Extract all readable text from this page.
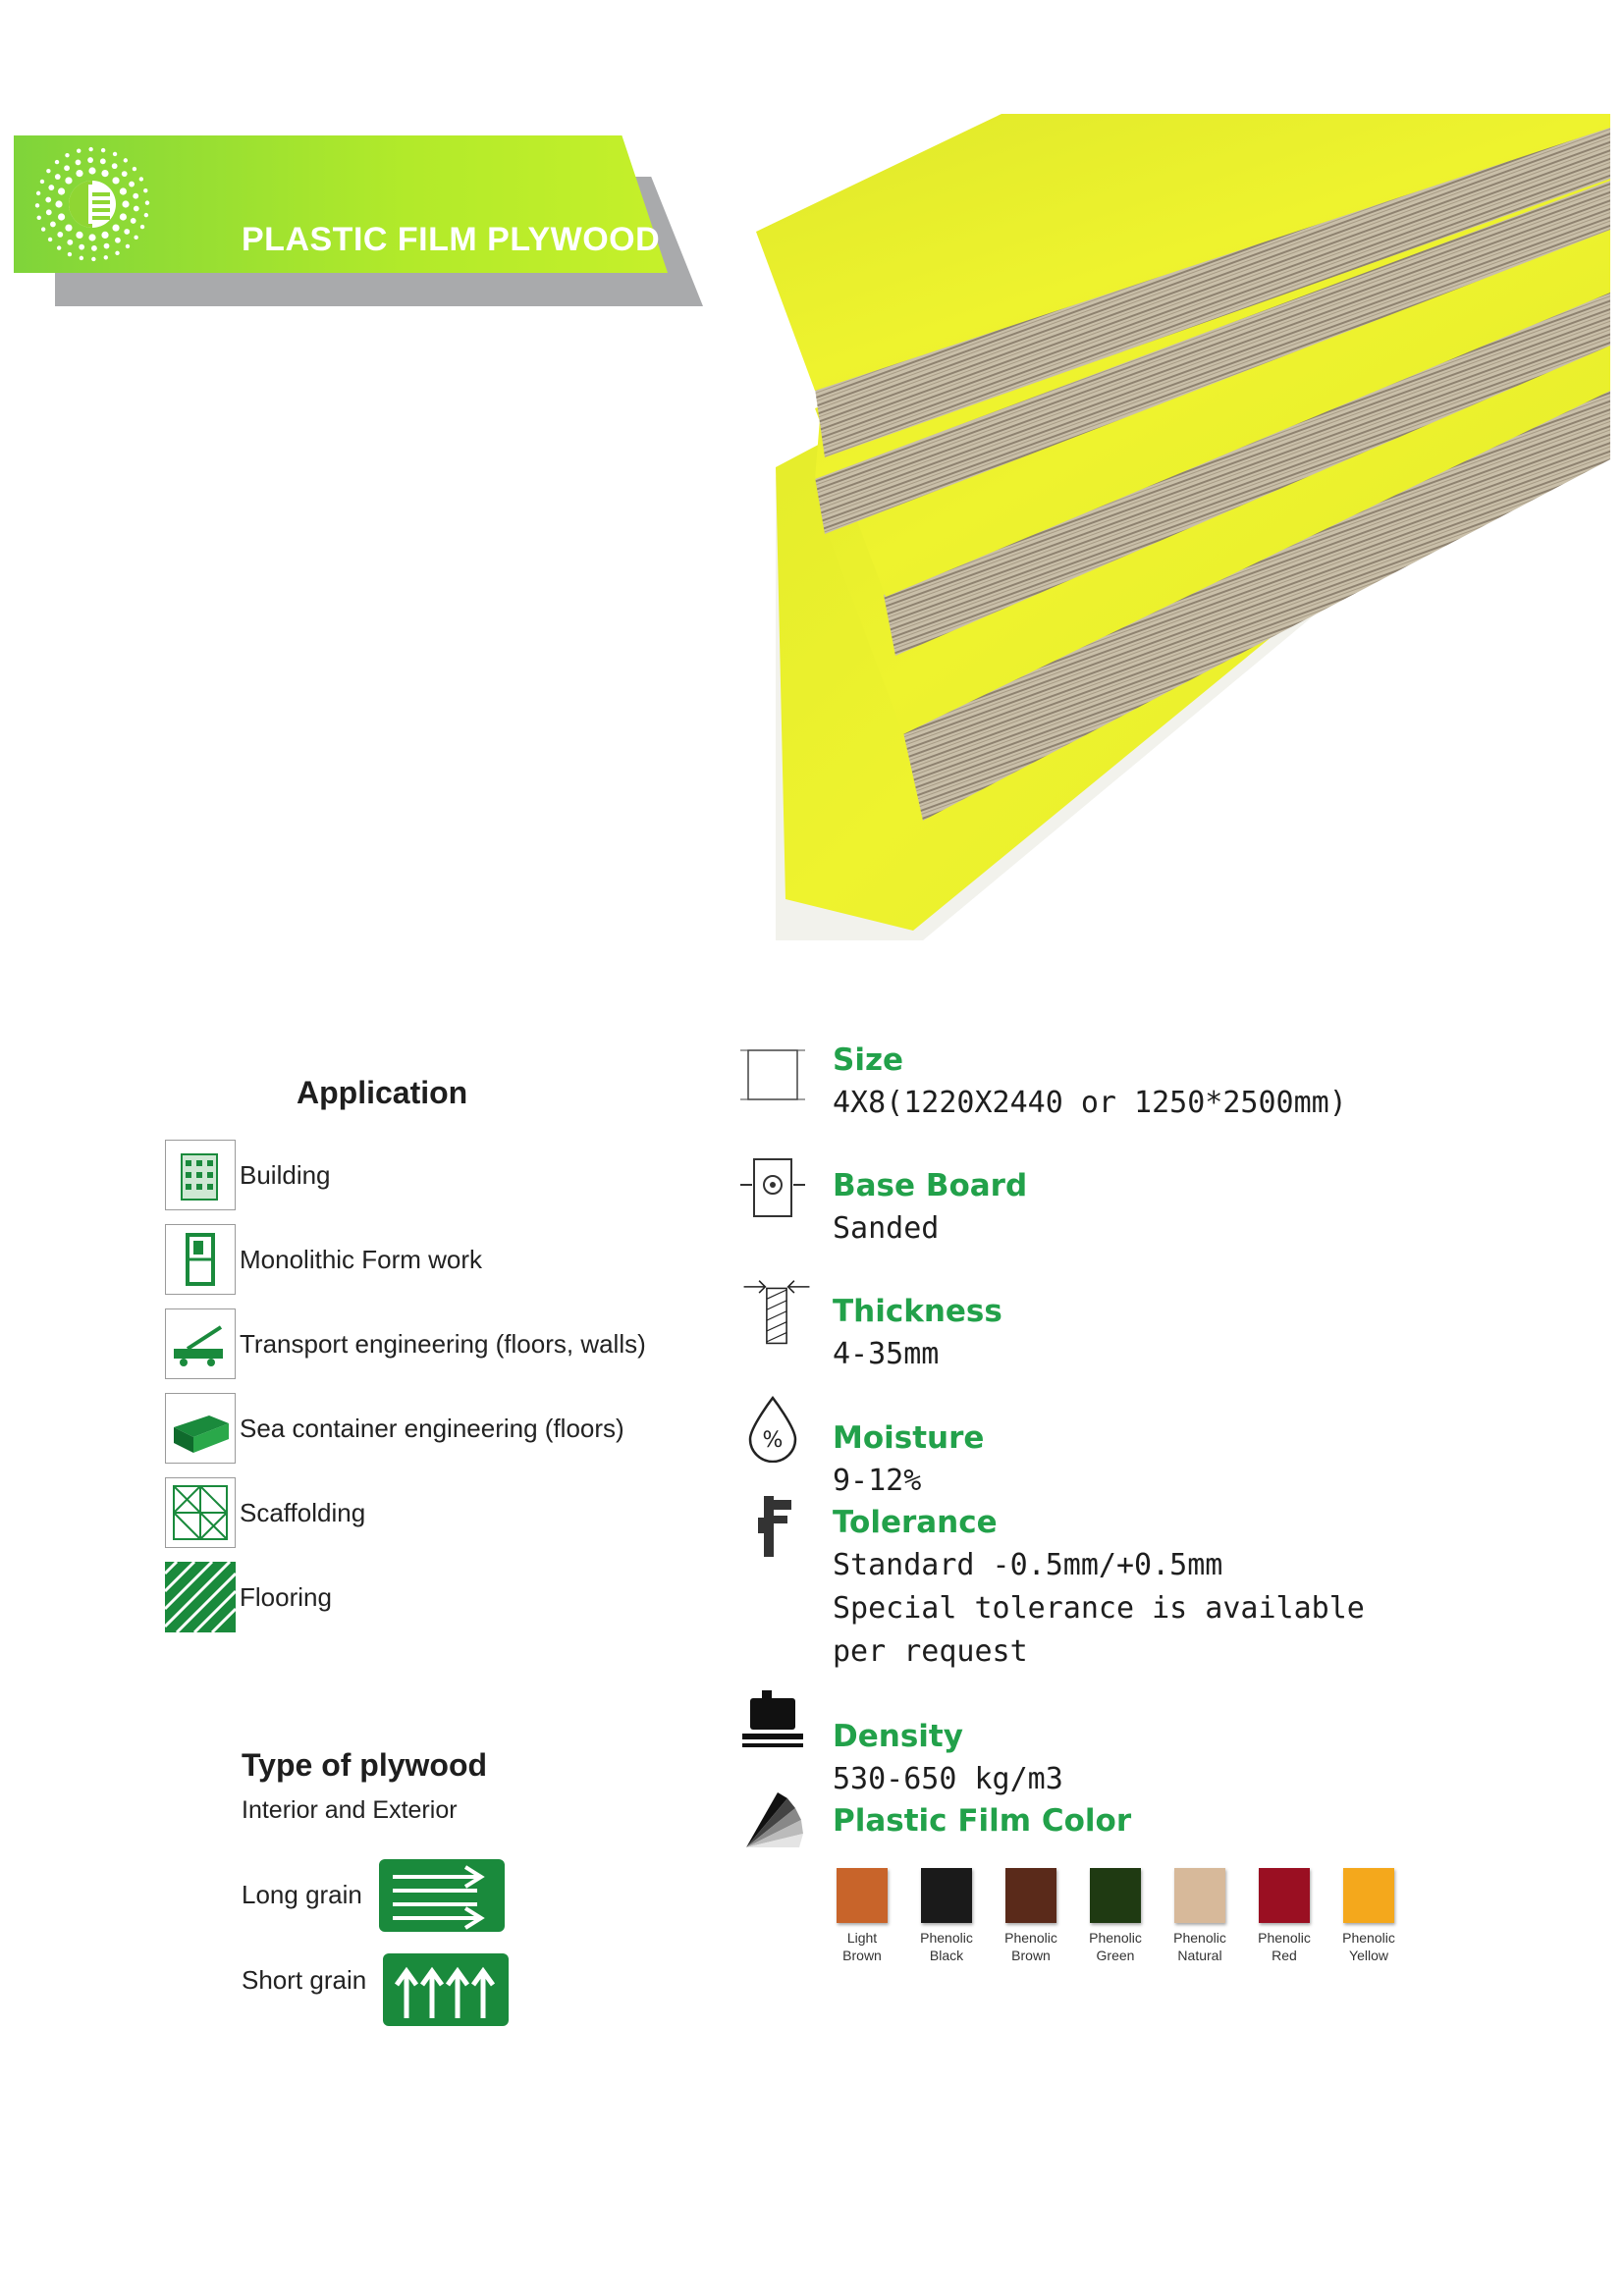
PLASTIC FILM PLYWOOD
Application
Building
Monolithic Form work
Transport engineering (floors, walls)
Sea container engineering (floors)
Scaffolding
Flooring
Type of plywood
Interior and Exterior
Long grain
Short grain
Size
4X8(1220X2440 or 1250*2500mm)
Base Board
Sanded
Thickness
4-35mm
% Moisture
9-12%
Tolerance
Standard -0.5mm/+0.5mm
Special tolerance is available
per request
Density
530-650 kg/m3
Plastic Film Color
Light
Brown
Phenolic
Black
Phenolic
Brown
Phenolic
Green
Phenolic
Natural
Phenolic
Red
Phenolic
Yellow
